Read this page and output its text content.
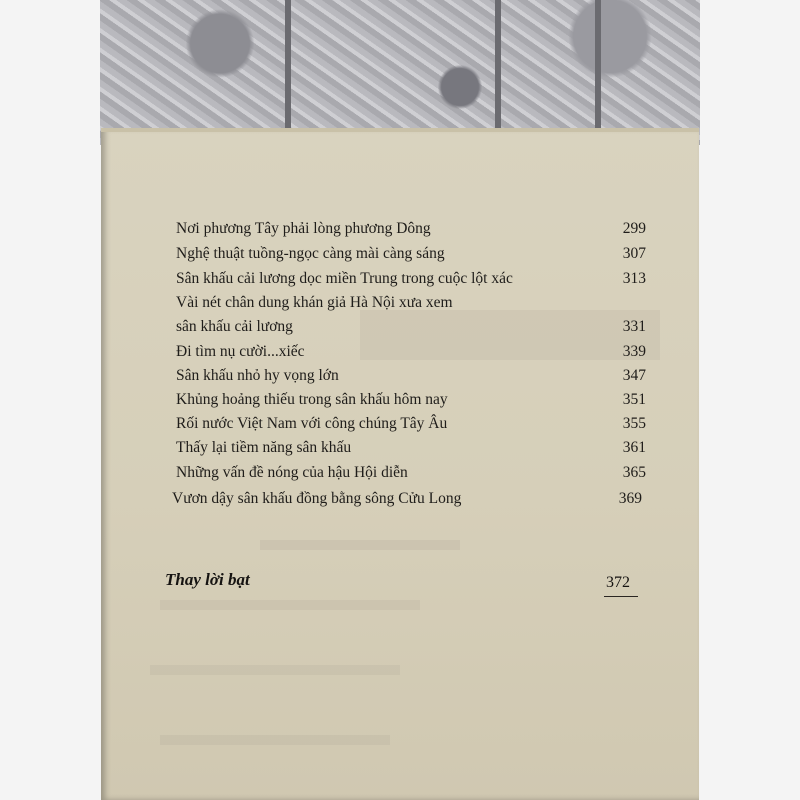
Nơi phương Tây phải lòng phương Dông	299
Nghệ thuật tuồng-ngọc càng mài càng sáng	307
Sân khấu cải lương dọc miền Trung trong cuộc lột xác	313
Vài nét chân dung khán giả Hà Nội xưa xem
sân khấu cải lương	331
Đi tìm nụ cười...xiếc	339
Sân khấu nhỏ hy vọng lớn	347
Khủng hoảng thiếu trong sân khấu hôm nay	351
Rối nước Việt Nam với công chúng Tây Âu	355
Thấy lại tiềm năng sân khấu	361
Những vấn đề nóng của hậu Hội diễn	365
Vươn dậy sân khấu đồng bằng sông Cửu Long	369
Thay lời bạt	372
